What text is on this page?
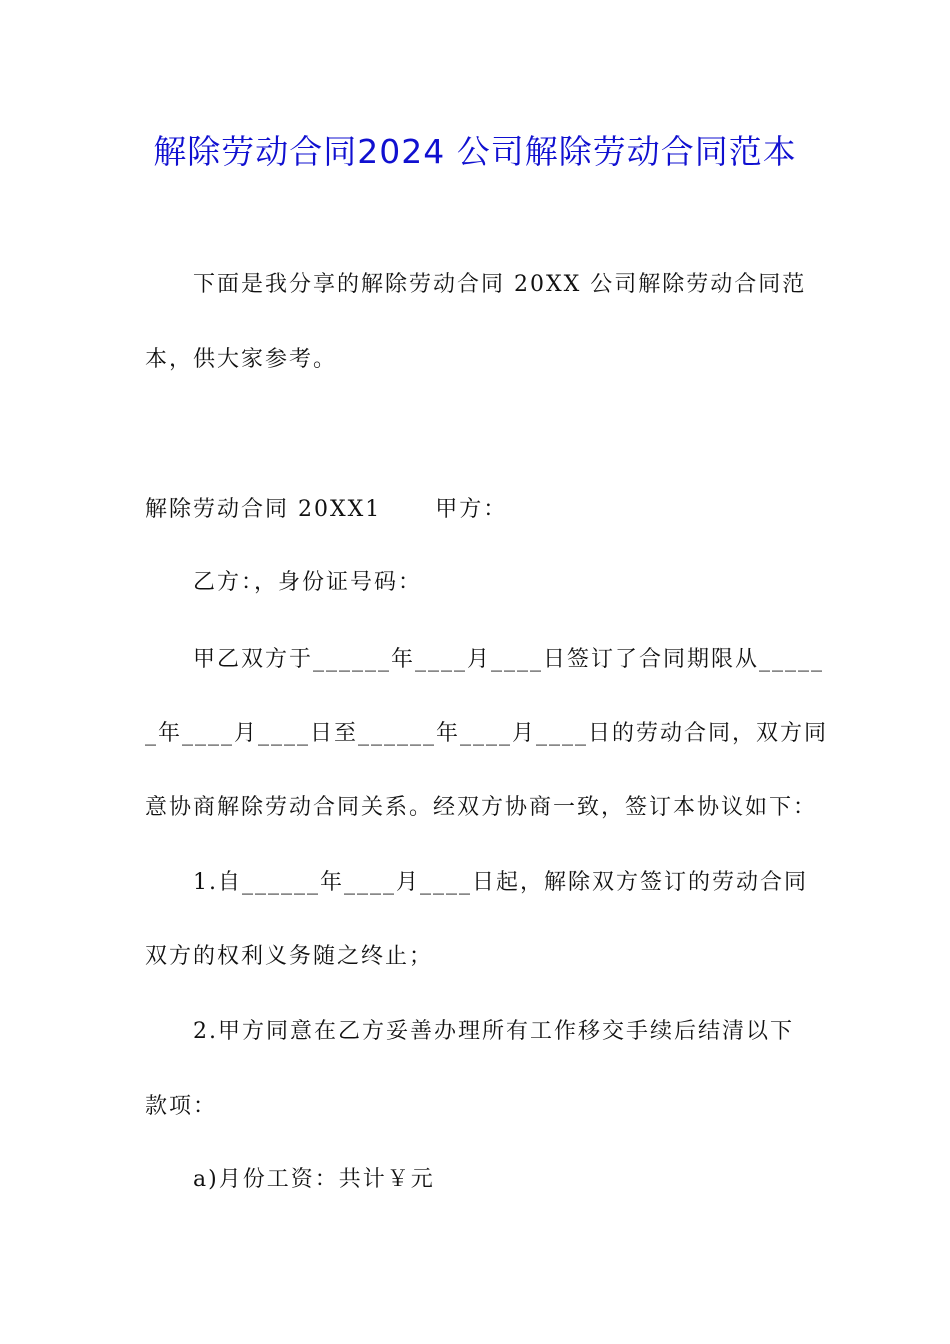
解除劳动合同2024 公司解除劳动合同范本
下面是我分享的解除劳动合同 20XX 公司解除劳动合同范
本，供大家参考。
解除劳动合同 20XX1      甲方：
乙方：，身份证号码：
甲乙双方于______年____月____日签订了合同期限从_____
_年____月____日至______年____月____日的劳动合同，双方同
意协商解除劳动合同关系。经双方协商一致，签订本协议如下：
1.自______年____月____日起，解除双方签订的劳动合同
双方的权利义务随之终止；
2.甲方同意在乙方妥善办理所有工作移交手续后结清以下
款项：
a)月份工资：共计￥元
